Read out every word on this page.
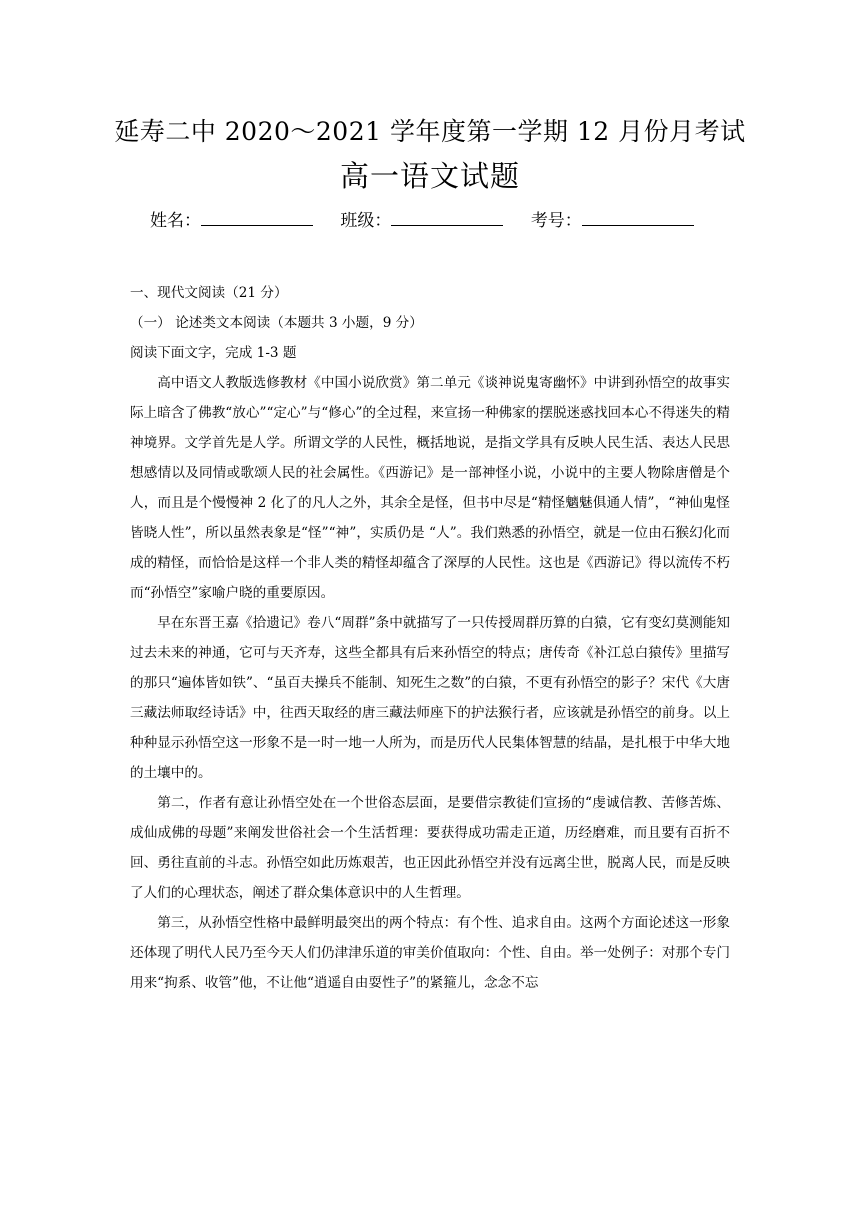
延寿二中 2020～2021 学年度第一学期 12 月份月考试
高一语文试题
姓名：	班级：	考号：
一、现代文阅读（21 分）
（一） 论述类文本阅读（本题共 3 小题，9 分）
阅读下面文字，完成 1-3 题

高中语文人教版选修教材《中国小说欣赏》第二单元《谈神说鬼寄幽怀》中讲到孙悟空的故事实际上暗含了佛教“放心”“定心”与“修心”的全过程，来宣扬一种佛家的摆脱迷惑找回本心不得迷失的精神境界。文学首先是人学。所谓文学的人民性，概括地说，是指文学具有反映人民生活、表达人民思想感情以及同情或歌颂人民的社会属性。《西游记》是一部神怪小说，小说中的主要人物除唐僧是个人，而且是个慢慢神 2 化了的凡人之外，其余全是怪，但书中尽是“精怪魑魅俱通人情”，“神仙鬼怪皆晓人性”，所以虽然表象是“怪”“神”，实质仍是 “人”。我们熟悉的孙悟空，就是一位由石猴幻化而成的精怪，而恰恰是这样一个非人类的精怪却蕴含了深厚的人民性。这也是《西游记》得以流传不朽而“孙悟空”家喻户晓的重要原因。

早在东晋王嘉《拾遗记》卷八“周群”条中就描写了一只传授周群历算的白猿，它有变幻莫测能知过去未来的神通，它可与天齐寿，这些全都具有后来孙悟空的特点；唐传奇《补江总白猿传》里描写的那只“遍体皆如铁”、“虽百夫操兵不能制、知死生之数”的白猿，不更有孙悟空的影子？宋代《大唐三藏法师取经诗话》中，往西天取经的唐三藏法师座下的护法猴行者，应该就是孙悟空的前身。以上种种显示孙悟空这一形象不是一时一地一人所为，而是历代人民集体智慧的结晶，是扎根于中华大地的土壤中的。

第二，作者有意让孙悟空处在一个世俗态层面，是要借宗教徒们宣扬的“虔诚信教、苦修苦炼、成仙成佛的母题”来阐发世俗社会一个生活哲理：要获得成功需走正道，历经磨难，而且要有百折不回、勇往直前的斗志。孙悟空如此历炼艰苦，也正因此孙悟空并没有远离尘世，脱离人民，而是反映了人们的心理状态，阐述了群众集体意识中的人生哲理。

第三，从孙悟空性格中最鲜明最突出的两个特点：有个性、追求自由。这两个方面论述这一形象还体现了明代人民乃至今天人们仍津津乐道的审美价值取向：个性、自由。举一处例子：对那个专门用来“拘系、收管”他，不让他“逍遥自由耍性子”的紧箍儿，念念不忘
